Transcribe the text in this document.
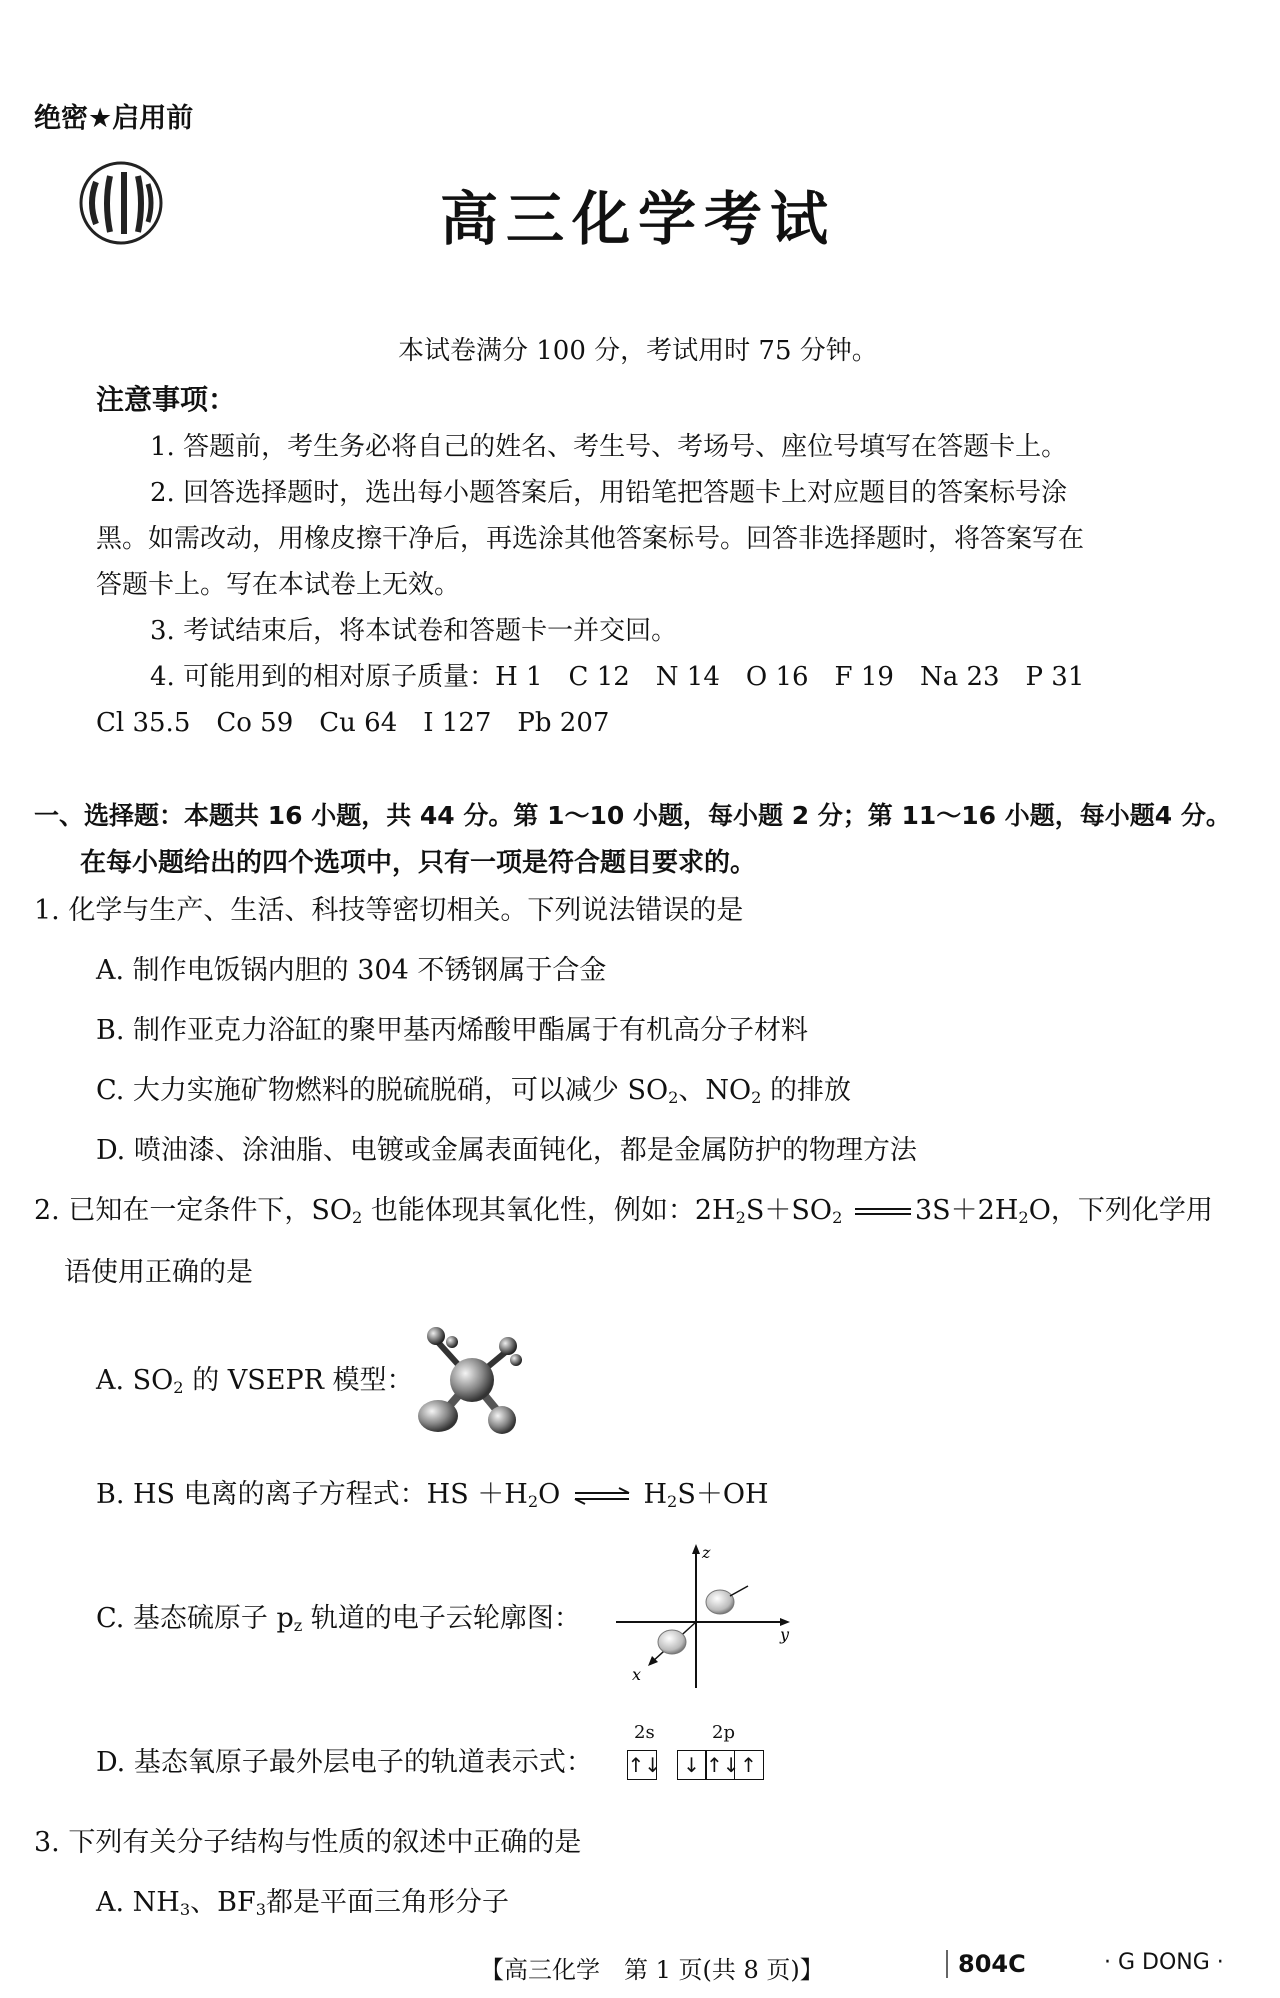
绝密★启用前
高三化学考试
本试卷满分 100 分，考试用时 75 分钟。
注意事项：
1. 答题前，考生务必将自己的姓名、考生号、考场号、座位号填写在答题卡上。
2. 回答选择题时，选出每小题答案后，用铅笔把答题卡上对应题目的答案标号涂
黑。如需改动，用橡皮擦干净后，再选涂其他答案标号。回答非选择题时，将答案写在
答题卡上。写在本试卷上无效。
3. 考试结束后，将本试卷和答题卡一并交回。
4. 可能用到的相对原子质量：H 1　C 12　N 14　O 16　F 19　Na 23　P 31
Cl 35.5　Co 59　Cu 64　I 127　Pb 207
一、选择题：本题共 16 小题，共 44 分。第 1～10 小题，每小题 2 分；第 11～16 小题，每小题4 分。
在每小题给出的四个选项中，只有一项是符合题目要求的。
1. 化学与生产、生活、科技等密切相关。下列说法错误的是
A. 制作电饭锅内胆的 304 不锈钢属于合金
B. 制作亚克力浴缸的聚甲基丙烯酸甲酯属于有机高分子材料
C. 大力实施矿物燃料的脱硫脱硝，可以减少 $SO_2$、$NO_2$ 的排放
D. 喷油漆、涂油脂、电镀或金属表面钝化，都是金属防护的物理方法
2. 已知在一定条件下，$SO_2$ 也能体现其氧化性，例如：$2H_2S+SO_2$	$3S+2H_2O$，下列化学用
语使用正确的是
A. $SO_2$ 的 VSEPR 模型：
B. HS 电离的离子方程式：HS $+H_2O$ ⇌ $H_2S+OH$
C. 基态硫原子 $p_z$ 轨道的电子云轮廓图：
z
y
x
D. 基态氧原子最外层电子的轨道表示式：
2s	2p
↑↓	↓ ↑↓ ↑
3. 下列有关分子结构与性质的叙述中正确的是
A. $NH_3$、$BF_3$都是平面三角形分子
【高三化学　第 1 页(共 8 页)】	804C	· G DONG ·
